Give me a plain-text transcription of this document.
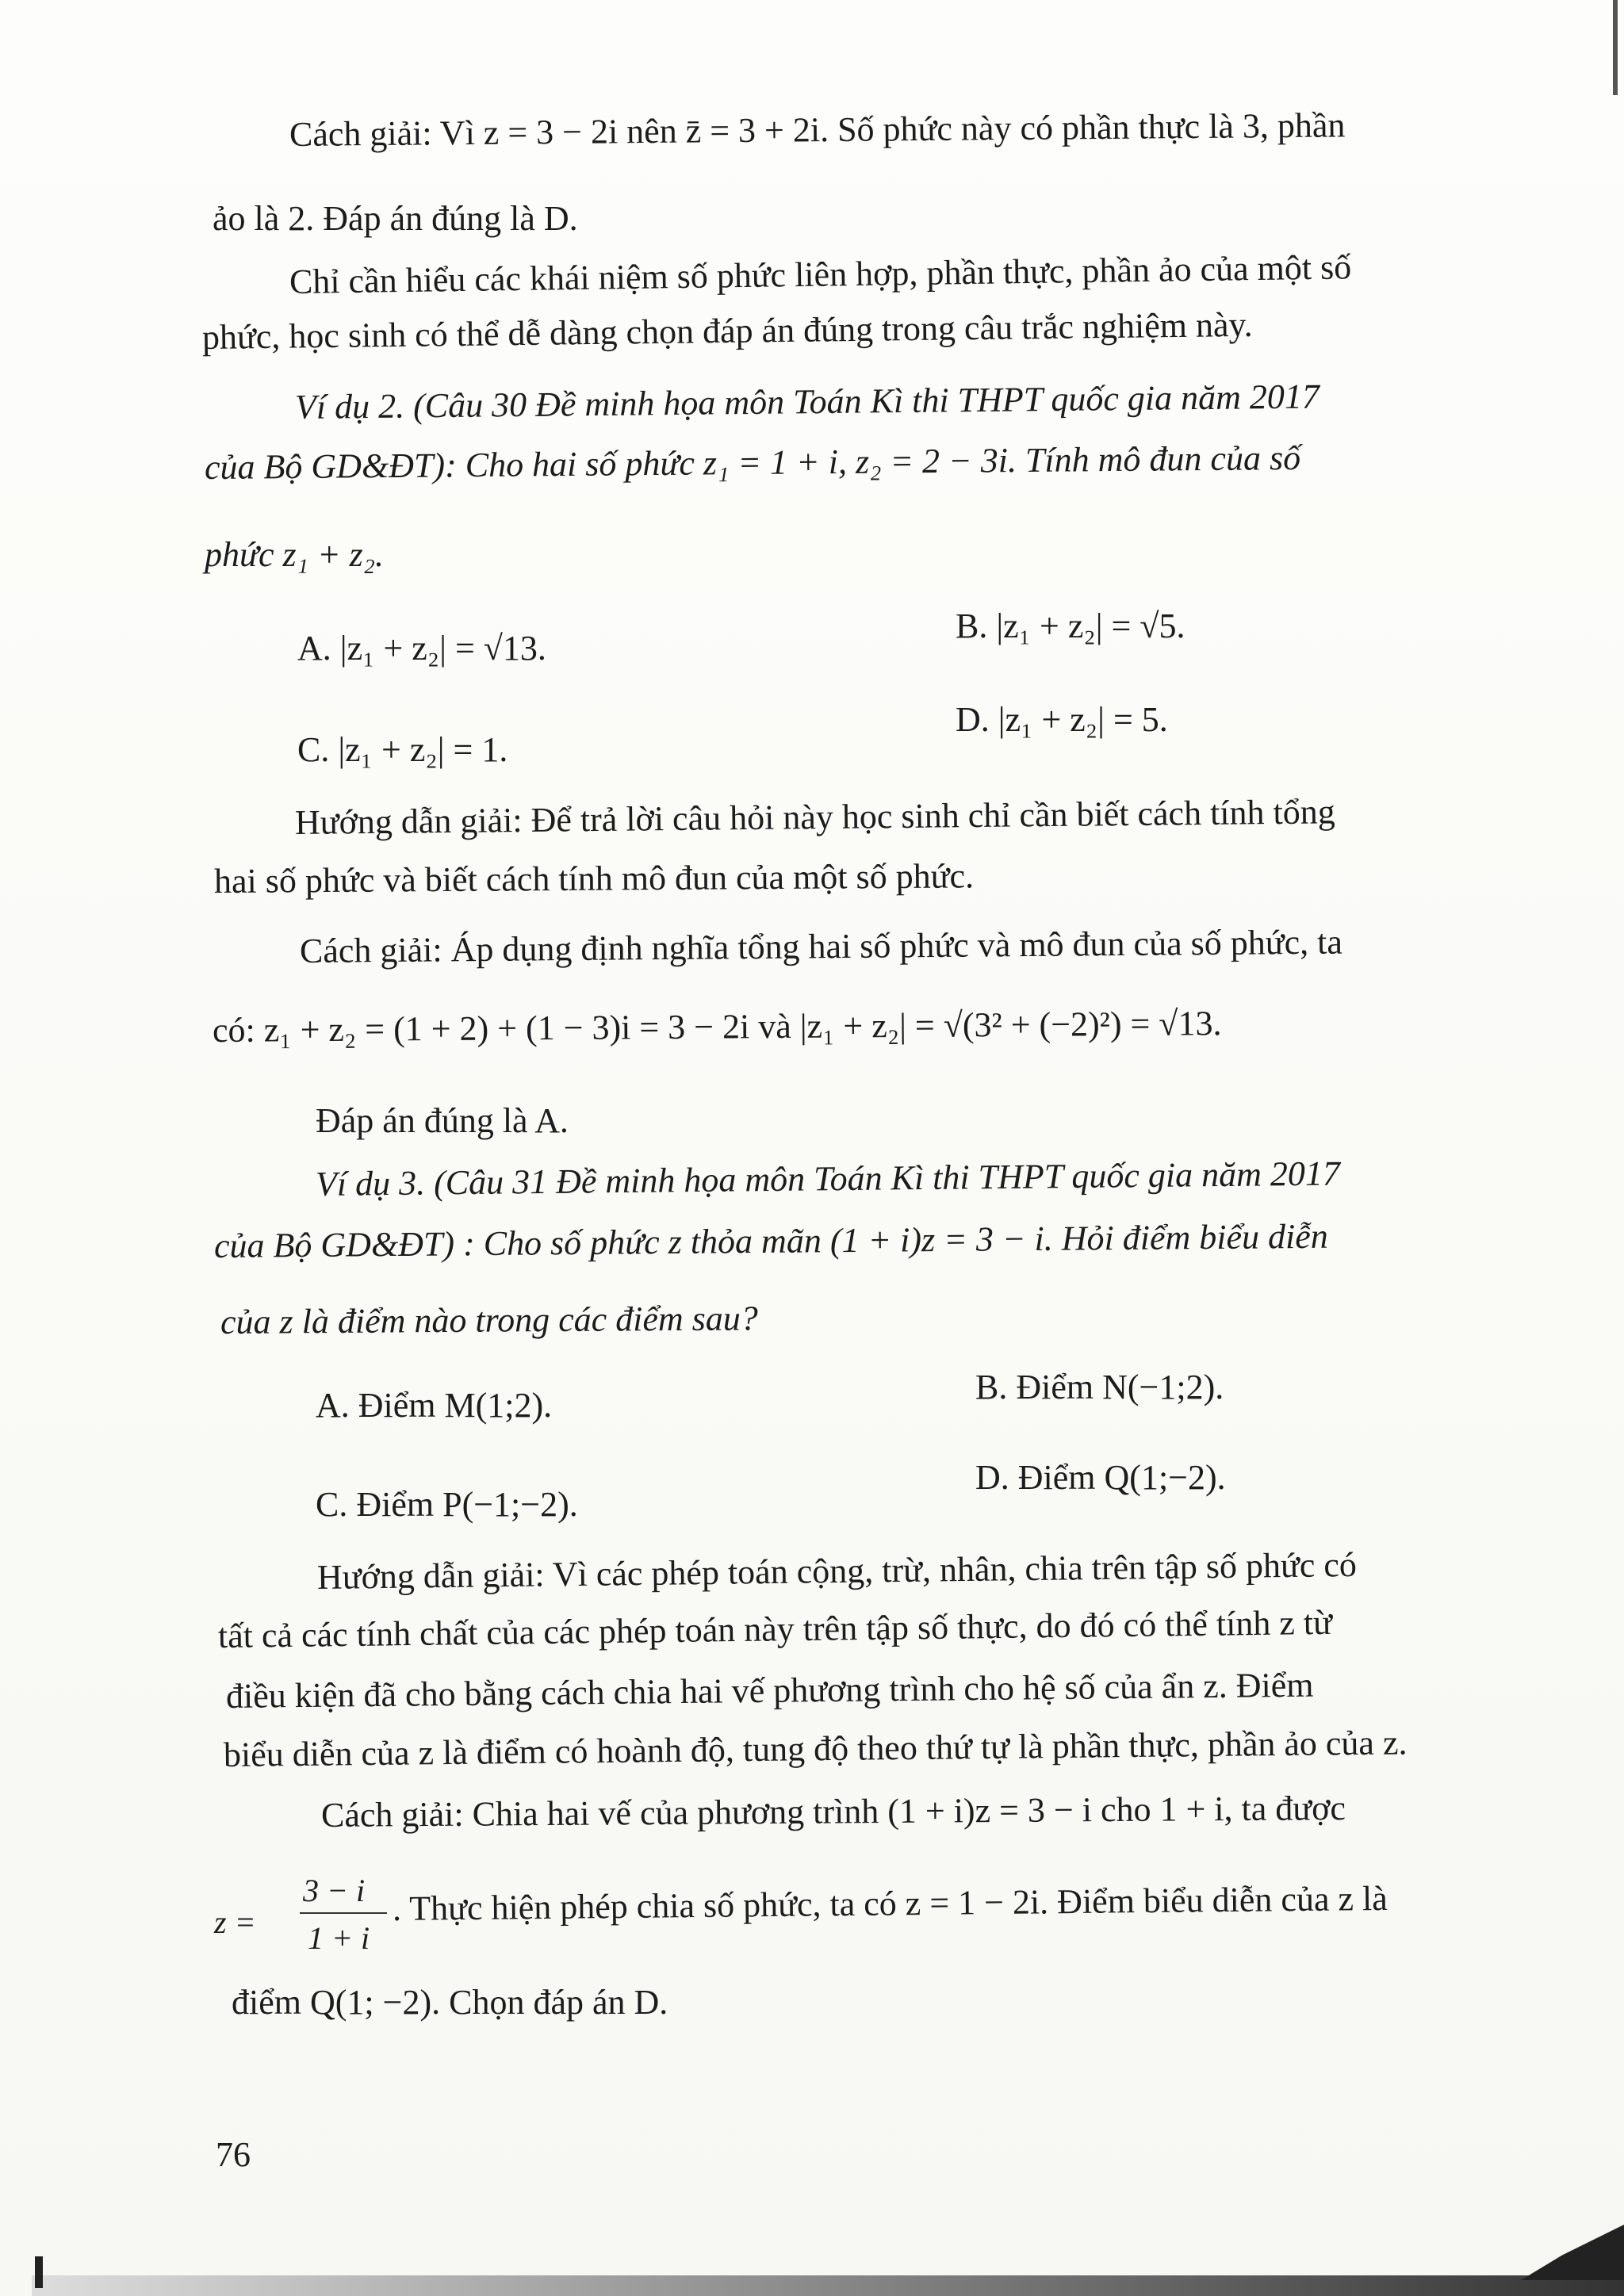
Cách giải: Vì z = 3 − 2i nên z̄ = 3 + 2i. Số phức này có phần thực là 3, phần
ảo là 2. Đáp án đúng là D.
Chỉ cần hiểu các khái niệm số phức liên hợp, phần thực, phần ảo của một số
phức, học sinh có thể dễ dàng chọn đáp án đúng trong câu trắc nghiệm này.
Ví dụ 2. (Câu 30 Đề minh họa môn Toán Kì thi THPT quốc gia năm 2017
của Bộ GD&ĐT): Cho hai số phức z₁ = 1 + i, z₂ = 2 − 3i. Tính mô đun của số
phức z₁ + z₂.
A. |z₁ + z₂| = √13.
B. |z₁ + z₂| = √5.
C. |z₁ + z₂| = 1.
D. |z₁ + z₂| = 5.
Hướng dẫn giải: Để trả lời câu hỏi này học sinh chỉ cần biết cách tính tổng
hai số phức và biết cách tính mô đun của một số phức.
Cách giải: Áp dụng định nghĩa tổng hai số phức và mô đun của số phức, ta
có: z₁ + z₂ = (1 + 2) + (1 − 3)i = 3 − 2i và |z₁ + z₂| = √(3² + (−2)²) = √13.
Đáp án đúng là A.
Ví dụ 3. (Câu 31 Đề minh họa môn Toán Kì thi THPT quốc gia năm 2017
của Bộ GD&ĐT) : Cho số phức z thỏa mãn (1 + i)z = 3 − i. Hỏi điểm biểu diễn
của z là điểm nào trong các điểm sau?
A. Điểm M(1;2).	B. Điểm N(−1;2).
C. Điểm P(−1;−2).
D. Điểm Q(1;−2).
Hướng dẫn giải: Vì các phép toán cộng, trừ, nhân, chia trên tập số phức có
tất cả các tính chất của các phép toán này trên tập số thực, do đó có thể tính z từ
điều kiện đã cho bằng cách chia hai vế phương trình cho hệ số của ẩn z. Điểm
biểu diễn của z là điểm có hoành độ, tung độ theo thứ tự là phần thực, phần ảo của z.
Cách giải: Chia hai vế của phương trình (1 + i)z = 3 − i cho 1 + i, ta được
z =
3 − i
1 + i
. Thực hiện phép chia số phức, ta có z = 1 − 2i. Điểm biểu diễn của z là
điểm Q(1; −2). Chọn đáp án D.
76
